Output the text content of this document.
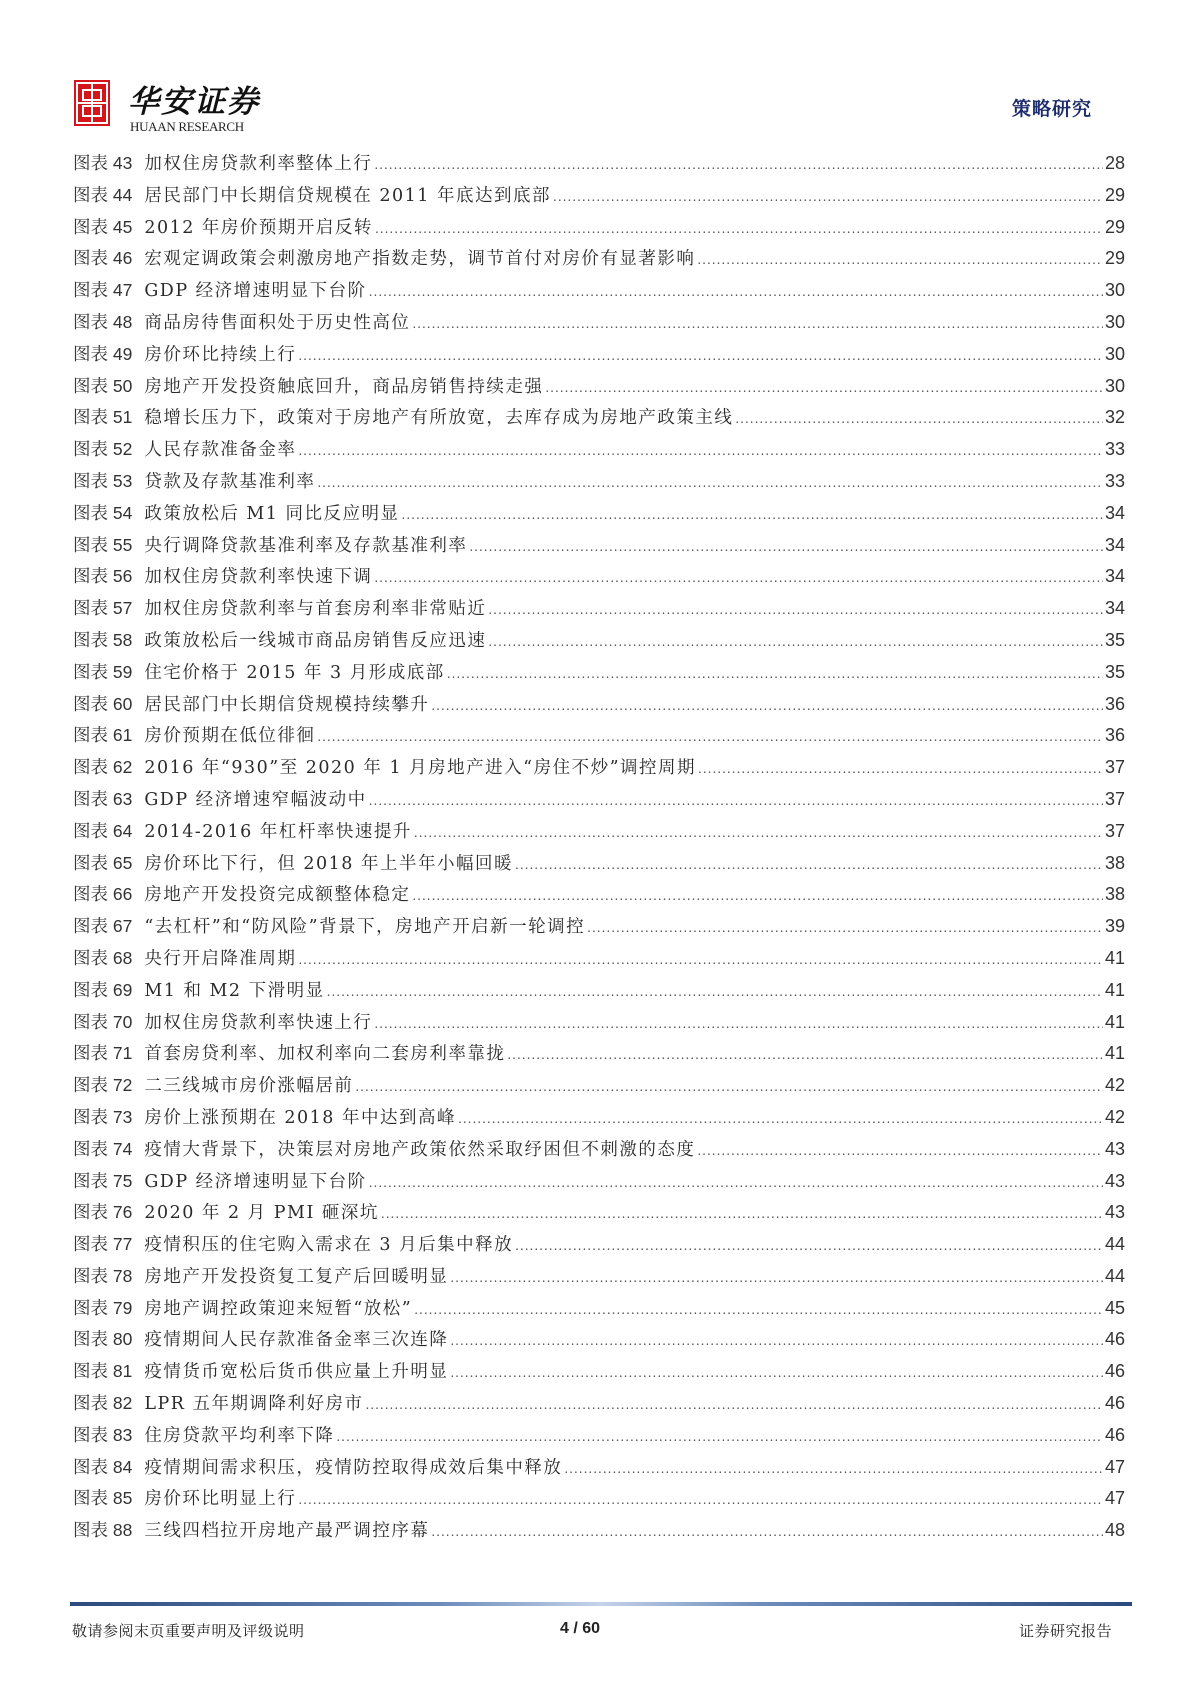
华安证券
HUAAN RESEARCH
策略研究
图表 43 加权住房贷款利率整体上行 .....	28
图表 44 居民部门中长期信贷规模在 2011 年底达到底部 .....	29
图表 45 2012 年房价预期开启反转 .....	29
图表 46 宏观定调政策会刺激房地产指数走势，调节首付对房价有显著影响 .....	29
图表 47 GDP 经济增速明显下台阶 .....	30
图表 48 商品房待售面积处于历史性高位 .....	30
图表 49 房价环比持续上行 .....	30
图表 50 房地产开发投资触底回升，商品房销售持续走强 .....	30
图表 51 稳增长压力下，政策对于房地产有所放宽，去库存成为房地产政策主线 .....	32
图表 52 人民存款准备金率 .....	33
图表 53 贷款及存款基准利率 .....	33
图表 54 政策放松后 M1 同比反应明显 .....	34
图表 55 央行调降贷款基准利率及存款基准利率 .....	34
图表 56 加权住房贷款利率快速下调 .....	34
图表 57 加权住房贷款利率与首套房利率非常贴近 .....	34
图表 58 政策放松后一线城市商品房销售反应迅速 .....	35
图表 59 住宅价格于 2015 年 3 月形成底部 .....	35
图表 60 居民部门中长期信贷规模持续攀升 .....	36
图表 61 房价预期在低位徘徊 .....	36
图表 62 2016 年“930”至 2020 年 1 月房地产进入“房住不炒”调控周期 .....	37
图表 63 GDP 经济增速窄幅波动中 .....	37
图表 64 2014-2016 年杠杆率快速提升 .....	37
图表 65 房价环比下行，但 2018 年上半年小幅回暖 .....	38
图表 66 房地产开发投资完成额整体稳定 .....	38
图表 67 “去杠杆”和“防风险”背景下，房地产开启新一轮调控 .....	39
图表 68 央行开启降准周期 .....	41
图表 69 M1 和 M2 下滑明显 .....	41
图表 70 加权住房贷款利率快速上行 .....	41
图表 71 首套房贷利率、加权利率向二套房利率靠拢 .....	41
图表 72 二三线城市房价涨幅居前 .....	42
图表 73 房价上涨预期在 2018 年中达到高峰 .....	42
图表 74 疫情大背景下，决策层对房地产政策依然采取纾困但不刺激的态度 .....	43
图表 75 GDP 经济增速明显下台阶 .....	43
图表 76 2020 年 2 月 PMI 砸深坑 .....	43
图表 77 疫情积压的住宅购入需求在 3 月后集中释放 .....	44
图表 78 房地产开发投资复工复产后回暖明显 .....	44
图表 79 房地产调控政策迎来短暂“放松” .....	45
图表 80 疫情期间人民存款准备金率三次连降 .....	46
图表 81 疫情货币宽松后货币供应量上升明显 .....	46
图表 82 LPR 五年期调降利好房市 .....	46
图表 83 住房贷款平均利率下降 .....	46
图表 84 疫情期间需求积压，疫情防控取得成效后集中释放 .....	47
图表 85 房价环比明显上行 .....	47
图表 88 三线四档拉开房地产最严调控序幕 .....	48
敬请参阅末页重要声明及评级说明	4 / 60	证券研究报告
